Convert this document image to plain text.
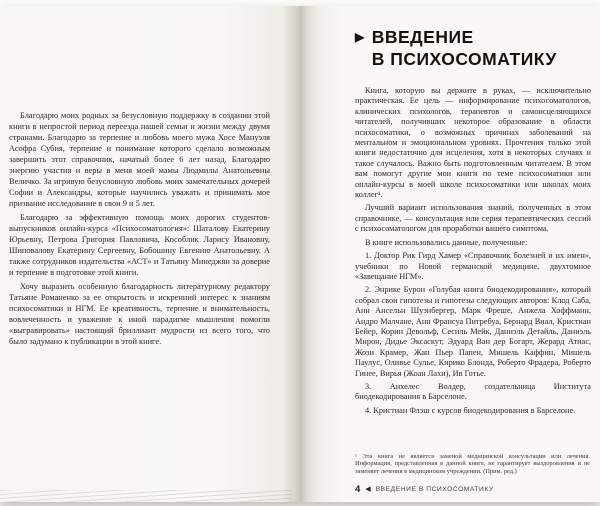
Благодарю моих родных за безусловную поддержку в создании этой книги в непростой период переезда нашей семьи и жизни между двумя странами. Благодарю за терпение и любовь моего мужа Хосе Мануэля Асофра Субия, терпение и понимание которого сделало возможным завершить этот справочник, начатый более 6 лет назад. Благодарю энергию участия и веры в меня моей мамы Людмилы Анатольевны Величко. За игривую безусловную любовь моих замечательных дочерей Софии и Александры, которые научились уважать и принимать мое призвание исследование в свои 9 и 5 лет.

Благодарю за эффективную помощь моих дорогих студентов-выпускников онлайн-курса «Психосоматология»: Шаталову Екатерину Юрьевну, Петрова Григория Павловича, Кособлик Ларису Ивановну, Шиповалову Екатерину Сергеевну, Бобошину Евгению Анатольевну. А также сотрудников издательства «АСТ» и Татьяну Минеджян за доверие и терпение в подготовке этой книги.

Хочу выразить особенную благодарность литературному редактору Татьяне Романенко за ее открытость и искренний интерес к знаниям психосоматики и НГМ. Ее креативность, терпение и внимательность, вовлеченность и уважение к иной парадигме мышления помогли «выгравировать» настоящий бриллиант мудрости из всего того, что было задумано к публикации в этой книге.

▶ ВВЕДЕНИЕ
В ПСИХОСОМАТИКУ

Книга, которую вы держите в руках, — исключительно практическая. Ее цель — информирование психосоматологов, клинических психологов, терапевтов и самоисцеляющихся читателей, получивших некоторое образование в области психосоматики, о возможных причинах заболеваний на ментальном и эмоциональном уровнях. Прочтения только этой книги недостаточно для исцеления, хотя в некоторых случаях и такое случалось. Важно быть подготовленным читателем. В этом вам помогут другие мои книги по теме психосоматики или онлайн-курсы в моей школе психосоматики или школах моих коллег¹.

Лучший вариант использования знаний, полученных в этом справочнике, — консультация или серия терапевтических сессий с психосоматологом для проработки вашего симптома.

В книге использовались данные, полученные:

1. Доктор Рик Гирд Хамер «Справочник болезней и их имен», учебники по Новой германской медицине, двухтомное «Завещание НГМ».

2. Энрике Бурон «Голубая книга биодекодирования», который собрал свои гипотезы и гипотезы следующих авторов: Клод Саба, Анн Ансельн Шуэнбергер, Марк Фреше, Анжела Хоффманн, Андро Малчане, Анн Франсуа Питребуа, Бернард Виал, Кристиан Бейер, Корин Девольф, Сесиль Мейк, Даниэль Детайль, Даниэль Мирон, Дидье Эксаскут, Эдуард Ван дер Богарт, Жерард Атиас, Жози Крамер, Жан Пьер Папен, Мишель Каффин, Мишель Паулус, Оливье Сулье, Кирико Блонда, Роберто Фрадера, Роберто Гинее, Вирья (Жоан Лахи), Ив Готье.

3. Анхелес Волдер, создательница Института биодекодирования в Барселоне.

4. Кристиан Флэш с курсов биодекодирования в Барселоне.

¹ Эта книга не является заменой медицинской консультации или лечения. Информация, представленная в данной книге, не гарантирует выздоровления и не заменяет лечения в медицинском учреждении. (Прим. ред.)

4 ◀ ВВЕДЕНИЕ В ПСИХОСОМАТИКУ
